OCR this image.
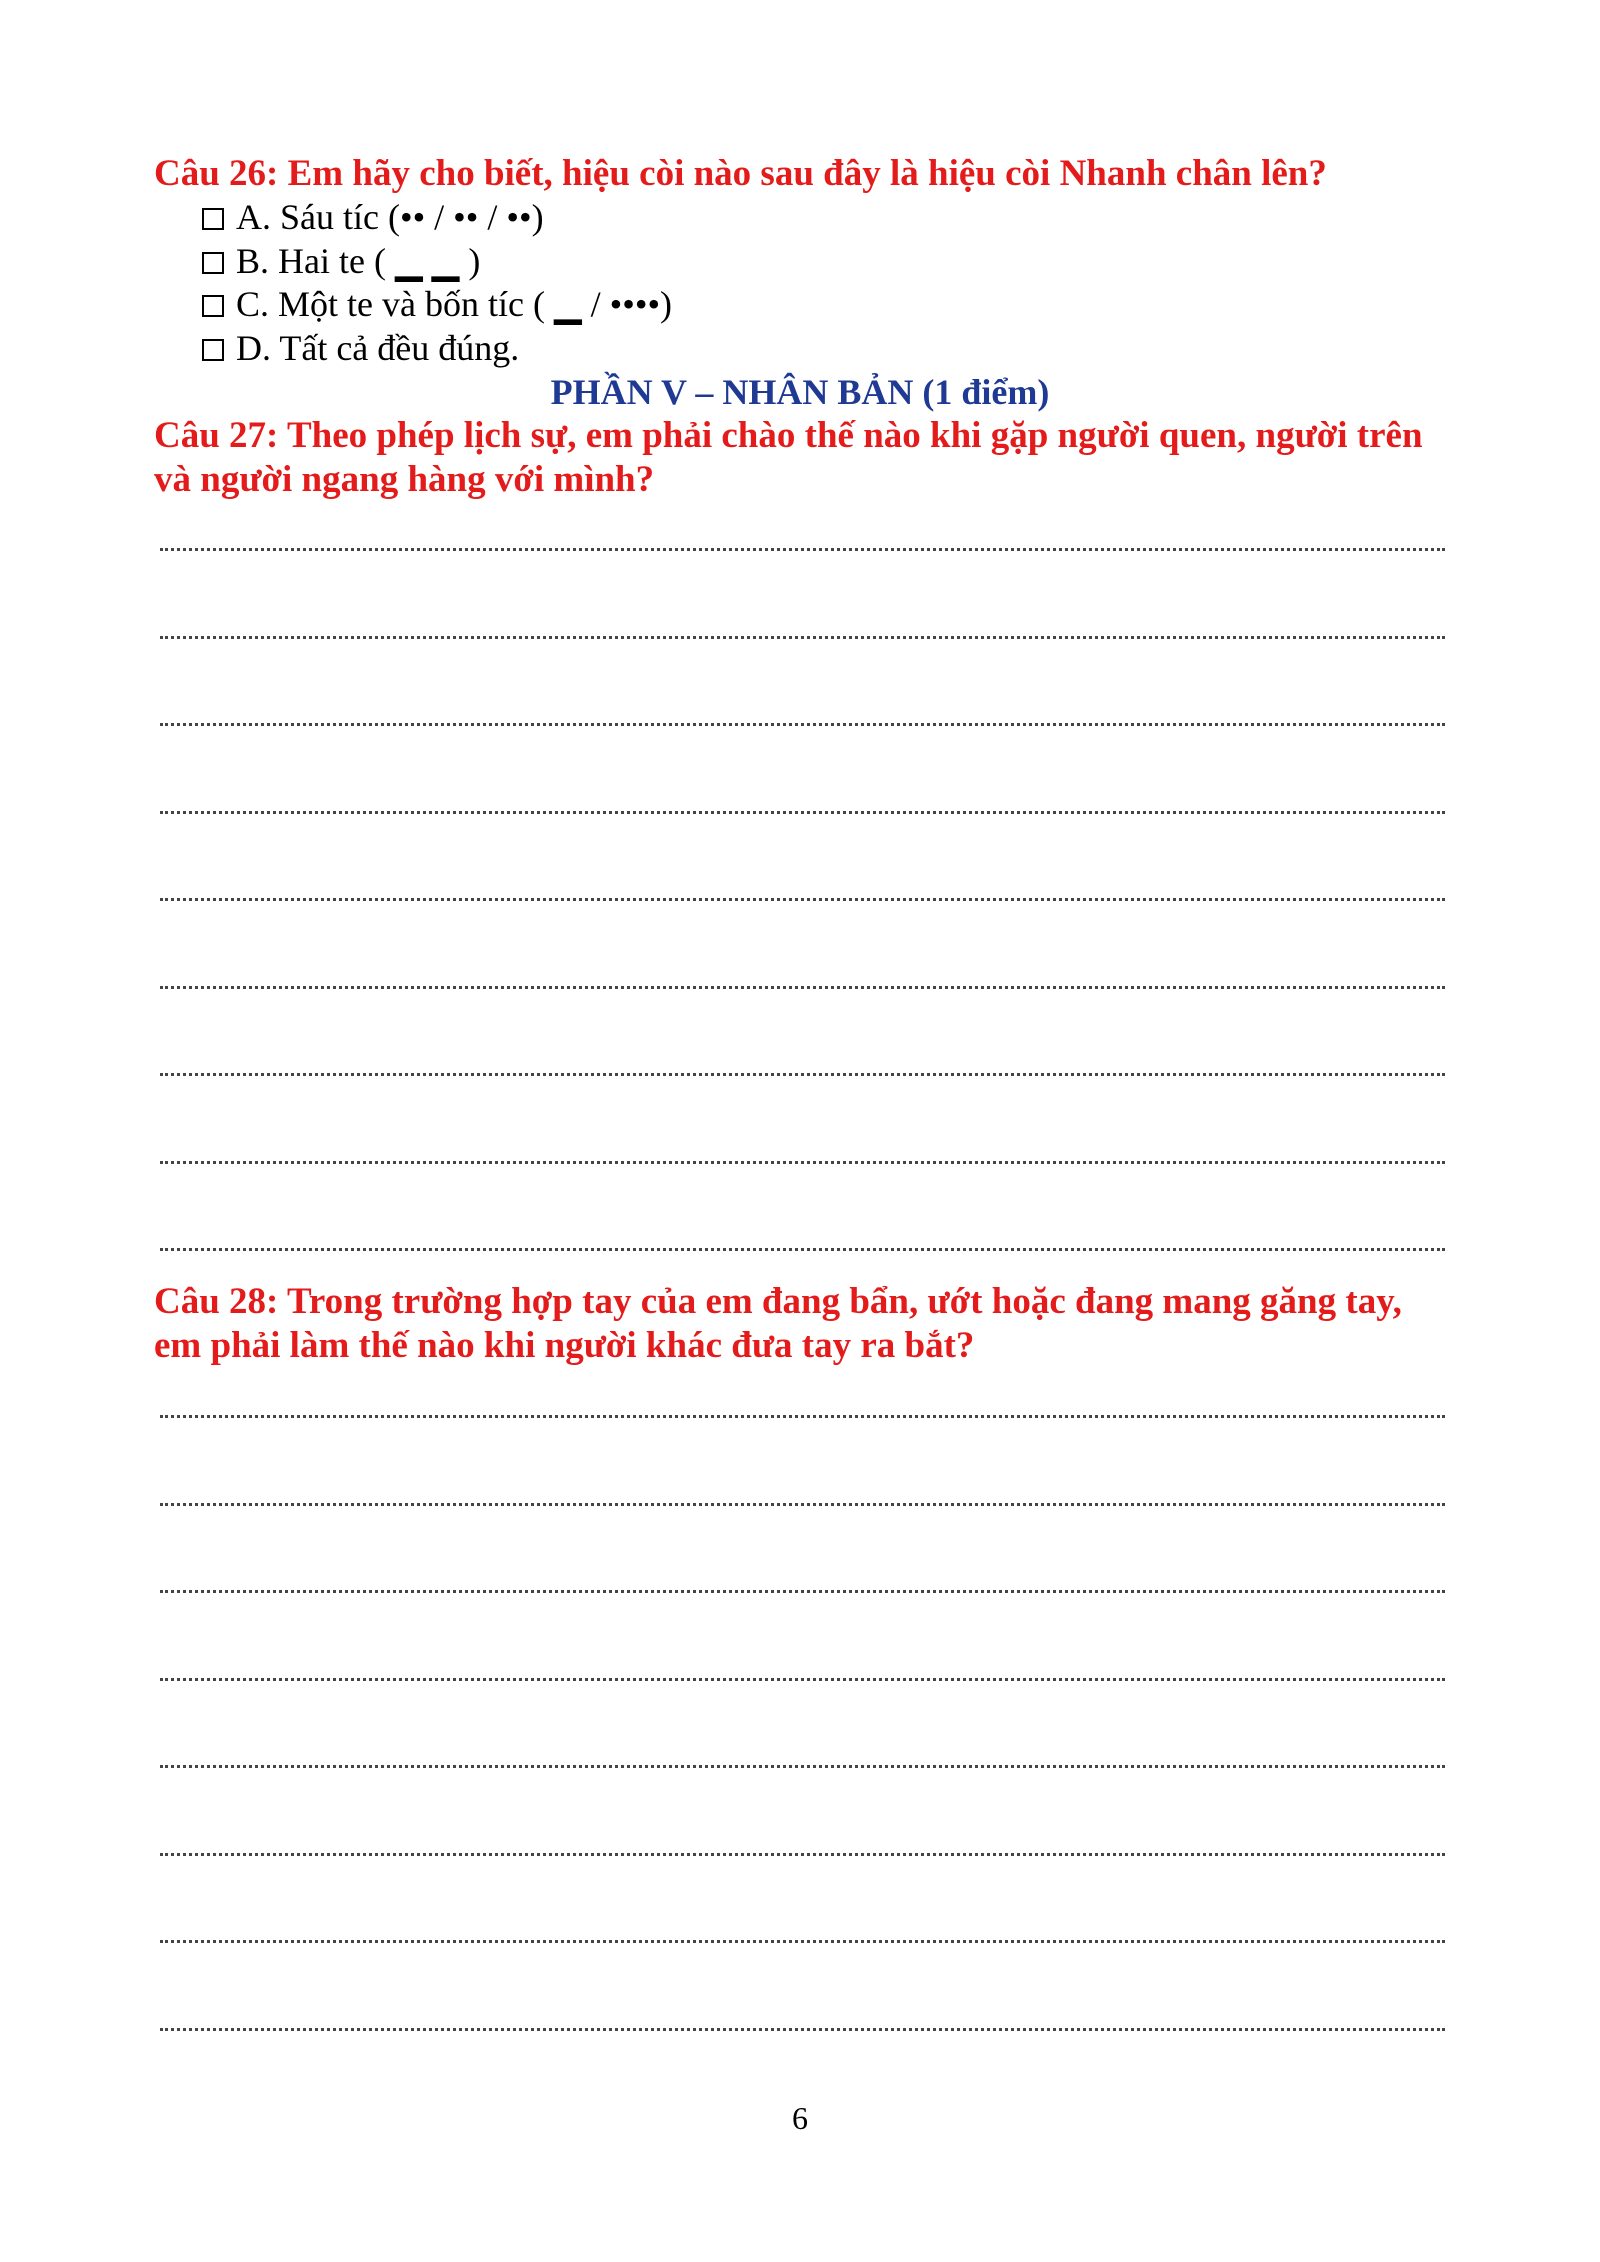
Câu 26: Em hãy cho biết, hiệu còi nào sau đây là hiệu còi Nhanh chân lên?
A. Sáu tíc (•• / •• / ••)
B. Hai te ( ▁ ▁ )
C. Một te và bốn tíc ( ▁ / ••••)
D. Tất cả đều đúng.
PHẦN V – NHÂN BẢN (1 điểm)
Câu 27: Theo phép lịch sự, em phải chào thế nào khi gặp người quen, người trên và người ngang hàng với mình?
Câu 28: Trong trường hợp tay của em đang bẩn, ướt hoặc đang mang găng tay, em phải làm thế nào khi người khác đưa tay ra bắt?
6
